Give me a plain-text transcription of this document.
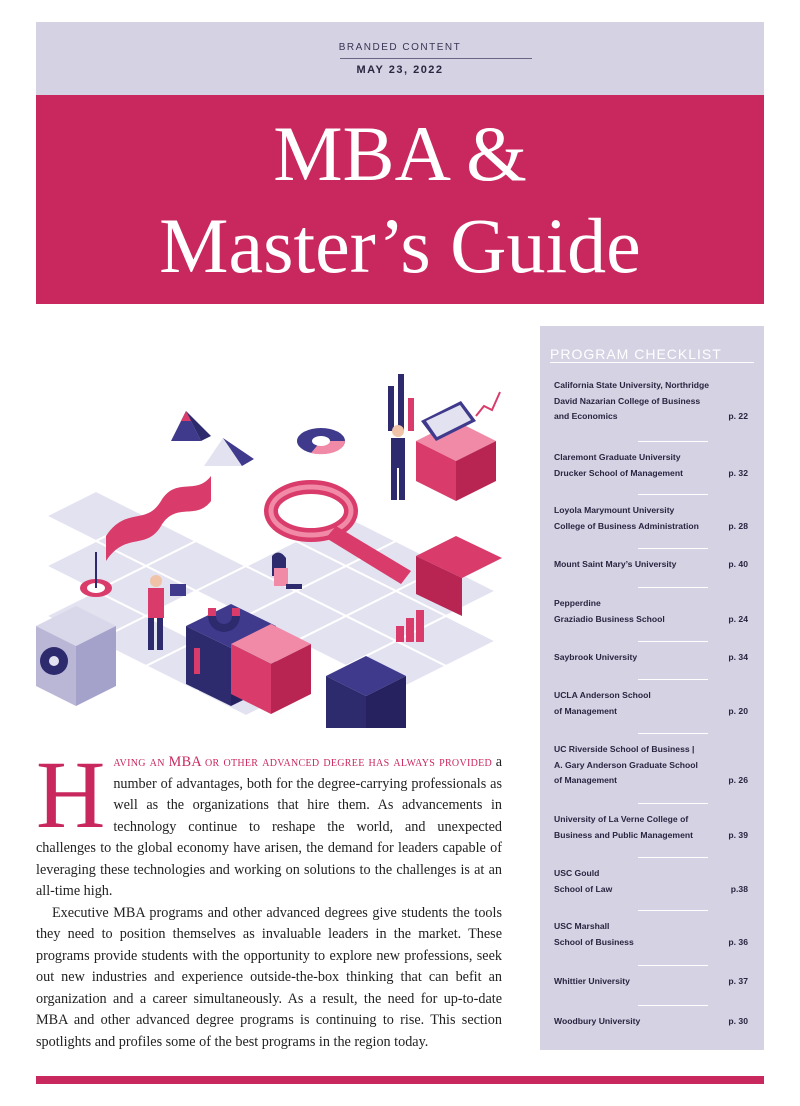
BRANDED CONTENT
MAY 23, 2022
MBA &
Master’s Guide

Having an MBA or other advanced degree has always provided a number of advantages, both for the degree-carrying professionals as well as the organizations that hire them. As advancements in technology continue to reshape the world, and unexpected challenges to the global economy have arisen, the demand for leaders capable of leveraging these technologies and working on solutions to the challenges is at an all-time high.

Executive MBA programs and other advanced degrees give students the tools they need to position themselves as invaluable leaders in the market. These programs provide students with the opportunity to explore new professions, seek out new industries and experience outside-the-box thinking that can befit an organization and a career simultaneously. As a result, the need for up-to-date MBA and other advanced degree programs is continuing to rise. This section spotlights and profiles some of the best programs in the region today.

PROGRAM CHECKLIST
California State University, Northridge
David Nazarian College of Business
and Economics	p. 22
Claremont Graduate University
Drucker School of Management	p. 32
Loyola Marymount University
College of Business Administration	p. 28
Mount Saint Mary’s University	p. 40
Pepperdine
Graziadio Business School	p. 24
Saybrook University	p. 34
UCLA Anderson School
of Management	p. 20
UC Riverside School of Business |
A. Gary Anderson Graduate School
of Management	p. 26
University of La Verne College of
Business and Public Management	p. 39
USC Gould
School of Law	p.38
USC Marshall
School of Business	p. 36
Whittier University	p. 37
Woodbury University	p. 30
